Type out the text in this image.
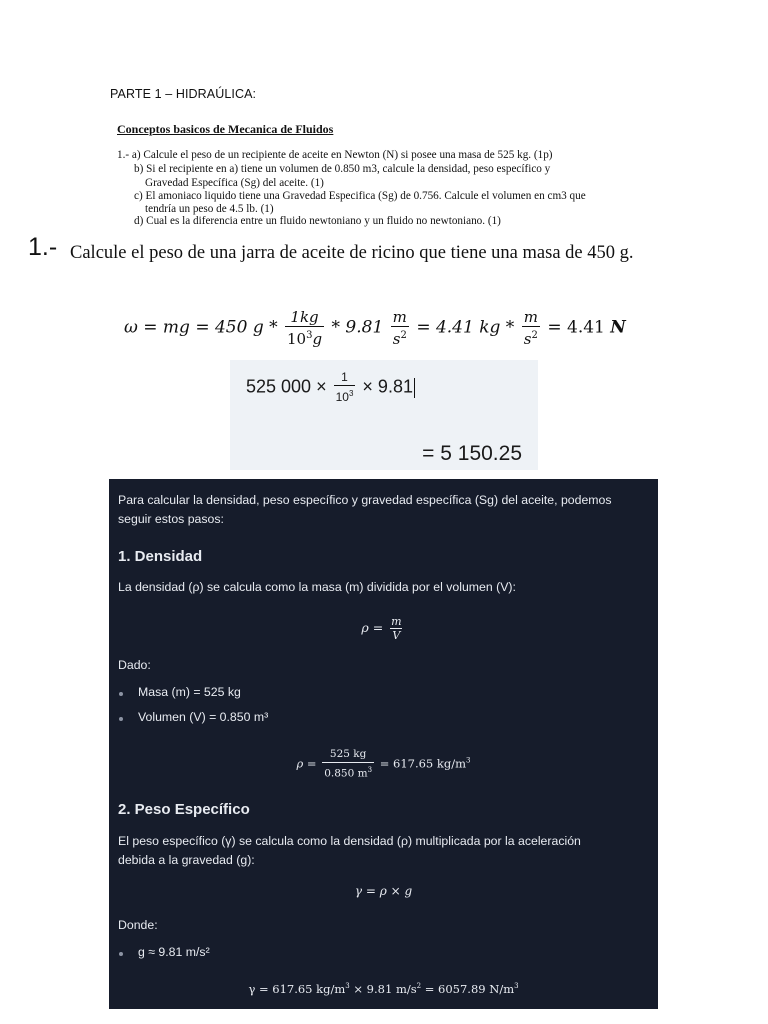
PARTE 1 – HIDRAÚLICA:
Conceptos basicos de Mecanica de Fluidos
1.- a) Calcule el peso de un recipiente de aceite en Newton (N) si posee una masa de 525 kg. (1p)
b) Si el recipiente en a) tiene un volumen de 0.850 m3, calcule la densidad, peso específico y
Gravedad Específica (Sg) del aceite. (1)
c) El amoniaco liquido tiene una Gravedad Especifica (Sg) de 0.756. Calcule el volumen en cm3 que
tendría un peso de 4.5 lb. (1)
d) Cual es la diferencia entre un fluido newtoniano y un fluido no newtoniano. (1)
1.- Calcule el peso de una jarra de aceite de ricino que tiene una masa de 450 g.
ω = mg = 450 $g * \frac{1kg}{10^3g} * 9.81 \frac{m}{s^2} = 4.41$ kg * $\frac{m}{s^2} = 4.41$ N
525 $000 \times \frac{1}{10^3} \times 9.81$
= 5 150.25
Para calcular la densidad, peso específico y gravedad específica (Sg) del aceite, podemos
seguir estos pasos:
1. Densidad
La densidad (ρ) se calcula como la masa (m) dividida por el volumen (V):
$\rho = \frac{m}{V}$
Dado:
Masa (m) = 525 kg
Volumen (V) = 0.850 m³
$\rho = \frac{525 kg}{0.850 m^3} = 617.65$ $kg/m^3$
2. Peso Específico
El peso específico (γ) se calcula como la densidad (ρ) multiplicada por la aceleración
debida a la gravedad (g):
γ = ρ × g
Donde:
g ≈ 9.81 m/s²
γ = 617.65 $kg/m^3 \times 9.81$ $m/s^2 = 6057.89$ $N/m^3$
